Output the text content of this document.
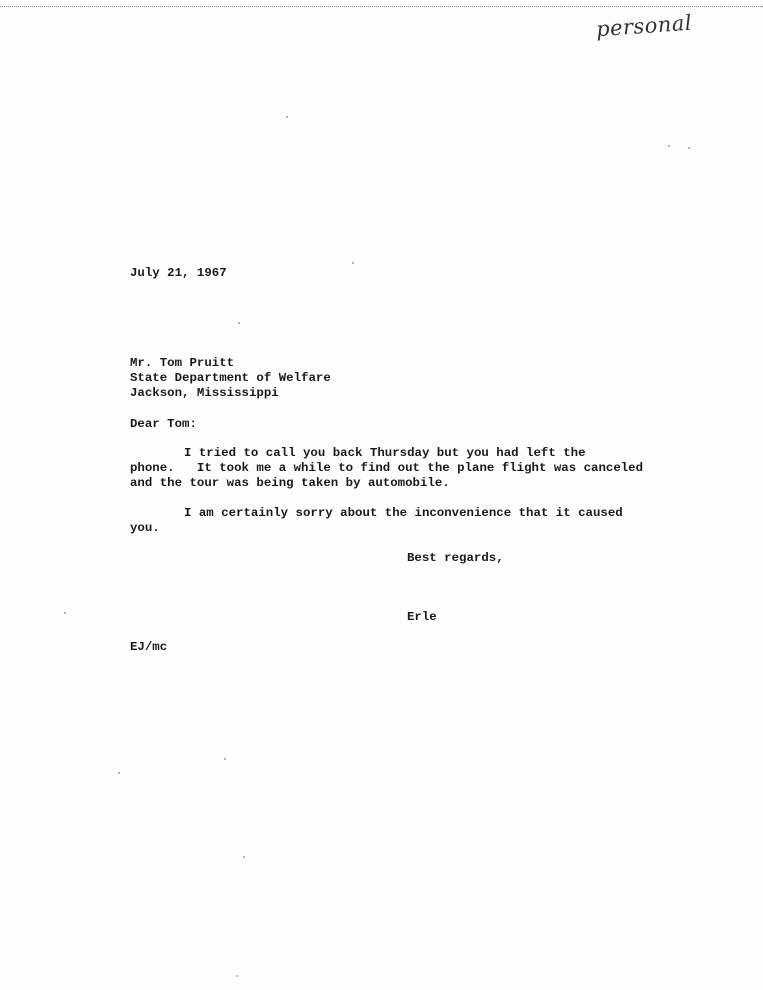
personal
July 21, 1967
Mr. Tom Pruitt
State Department of Welfare
Jackson, Mississippi
Dear Tom:
I tried to call you back Thursday but you had left the
phone.   It took me a while to find out the plane flight was canceled
and the tour was being taken by automobile.
I am certainly sorry about the inconvenience that it caused
you.
Best regards,
Erle
EJ/mc
